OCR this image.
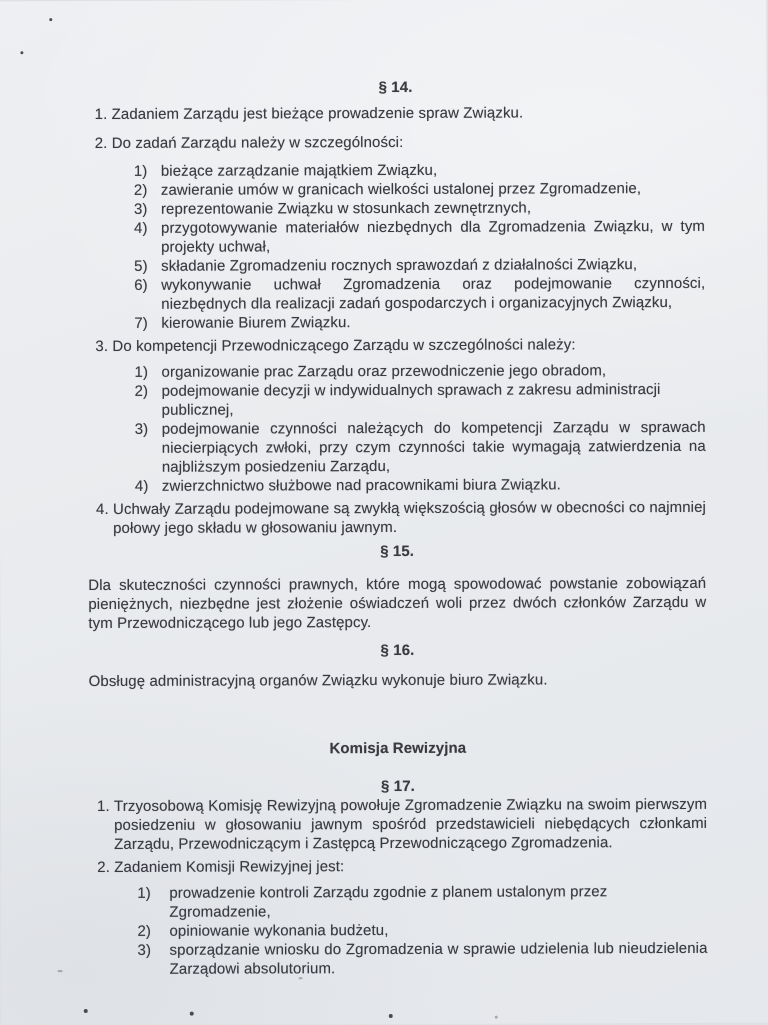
§ 14.
1. Zadaniem Zarządu jest bieżące prowadzenie spraw Związku.
2. Do zadań Zarządu należy w szczególności:
1) bieżące zarządzanie majątkiem Związku,
2) zawieranie umów w granicach wielkości ustalonej przez Zgromadzenie,
3) reprezentowanie Związku w stosunkach zewnętrznych,
4) przygotowywanie materiałów niezbędnych dla Zgromadzenia Związku, w tym projekty uchwał,
5) składanie Zgromadzeniu rocznych sprawozdań z działalności Związku,
6) wykonywanie uchwał Zgromadzenia oraz podejmowanie czynności, niezbędnych dla realizacji zadań gospodarczych i organizacyjnych Związku,
7) kierowanie Biurem Związku.
3. Do kompetencji Przewodniczącego Zarządu w szczególności należy:
1) organizowanie prac Zarządu oraz przewodniczenie jego obradom,
2) podejmowanie decyzji w indywidualnych sprawach z zakresu administracji publicznej,
3) podejmowanie czynności należących do kompetencji Zarządu w sprawach niecierpiących zwłoki, przy czym czynności takie wymagają zatwierdzenia na najbliższym posiedzeniu Zarządu,
4) zwierzchnictwo służbowe nad pracownikami biura Związku.
4. Uchwały Zarządu podejmowane są zwykłą większością głosów w obecności co najmniej połowy jego składu w głosowaniu jawnym.
§ 15.
Dla skuteczności czynności prawnych, które mogą spowodować powstanie zobowiązań pieniężnych, niezbędne jest złożenie oświadczeń woli przez dwóch członków Zarządu w tym Przewodniczącego lub jego Zastępcy.
§ 16.
Obsługę administracyjną organów Związku wykonuje biuro Związku.
Komisja Rewizyjna
§ 17.
1. Trzyosobową Komisję Rewizyjną powołuje Zgromadzenie Związku na swoim pierwszym posiedzeniu w głosowaniu jawnym spośród przedstawicieli niebędących członkami Zarządu, Przewodniczącym i Zastępcą Przewodniczącego Zgromadzenia.
2. Zadaniem Komisji Rewizyjnej jest:
1) prowadzenie kontroli Zarządu zgodnie z planem ustalonym przez Zgromadzenie,
2) opiniowanie wykonania budżetu,
3) sporządzanie wniosku do Zgromadzenia w sprawie udzielenia lub nieudzielenia Zarządowi absolutorium.
